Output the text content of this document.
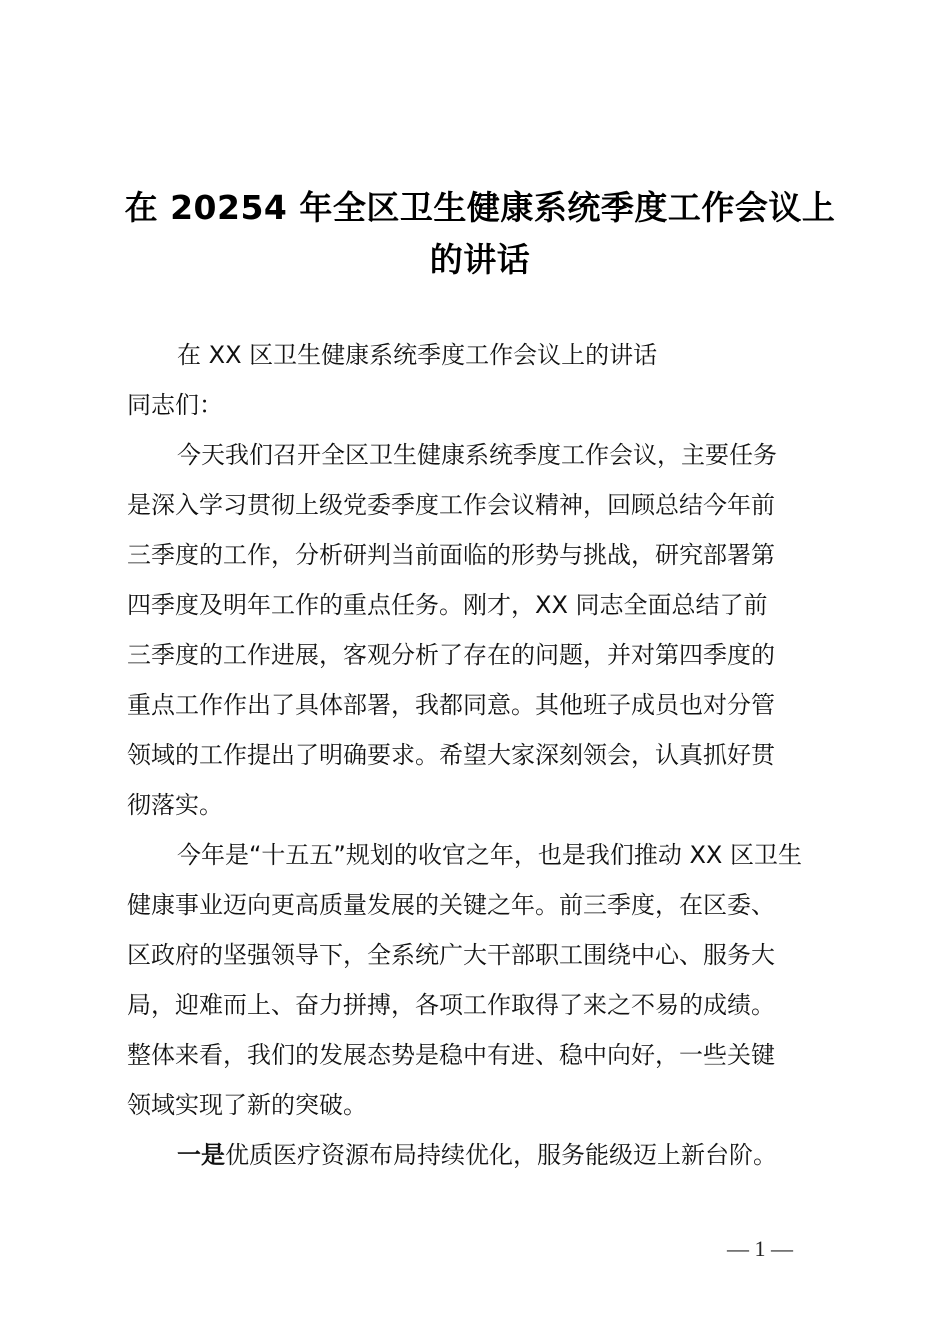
在 20254 年全区卫生健康系统季度工作会议上
的讲话
在 XX 区卫生健康系统季度工作会议上的讲话
同志们：
今天我们召开全区卫生健康系统季度工作会议，主要任务
是深入学习贯彻上级党委季度工作会议精神，回顾总结今年前
三季度的工作，分析研判当前面临的形势与挑战，研究部署第
四季度及明年工作的重点任务。刚才，XX 同志全面总结了前
三季度的工作进展，客观分析了存在的问题，并对第四季度的
重点工作作出了具体部署，我都同意。其他班子成员也对分管
领域的工作提出了明确要求。希望大家深刻领会，认真抓好贯
彻落实。
今年是“十五五”规划的收官之年，也是我们推动 XX 区卫生
健康事业迈向更高质量发展的关键之年。前三季度，在区委、
区政府的坚强领导下，全系统广大干部职工围绕中心、服务大
局，迎难而上、奋力拼搏，各项工作取得了来之不易的成绩。
整体来看，我们的发展态势是稳中有进、稳中向好，一些关键
领域实现了新的突破。
一是优质医疗资源布局持续优化，服务能级迈上新台阶。
— 1 —
